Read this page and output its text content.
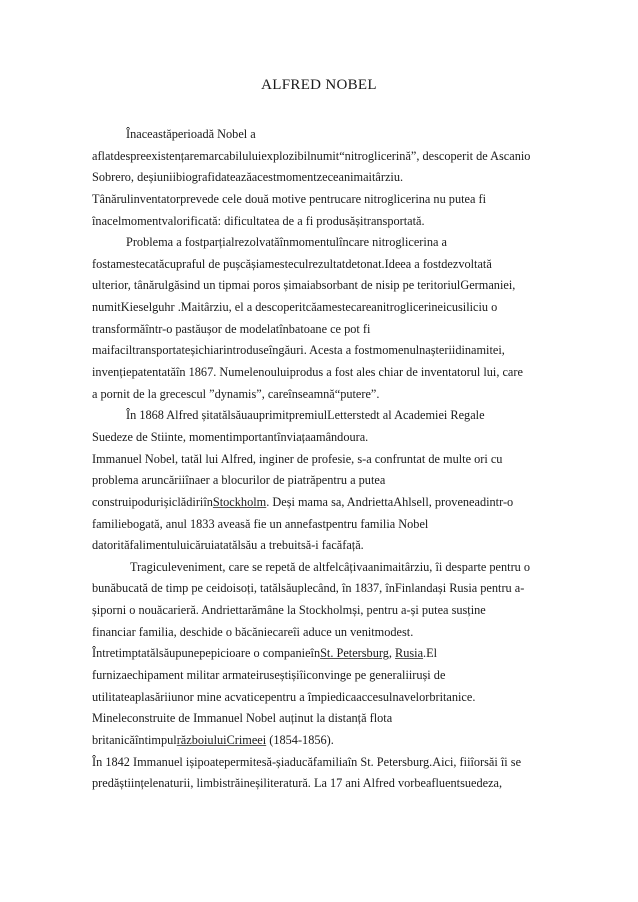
ALFRED NOBEL
Înaceastăperioadă Nobel a
aflatdespreexistențaremarcabiluluiexplozibilnumit“nitroglicerină”, descoperit de Ascanio
Sobrero, deșiuniibiografidateazăacestmomentzeceanimaitârziu.
Tânărulinventatorprevede cele două motive pentrucare nitroglicerina nu putea fi
înacelmomentvalorificată: dificultatea de a fi produsășitransportată.
Problema a fostparțialrezolvatăînmomentulîncare nitroglicerina a
fostamestecatăcupraful de pușcășiamesteculrezultatdetonat.Ideea a fostdezvoltată
ulterior, tânărulgăsind un tipmai poros șimaiabsorbant de nisip pe teritoriulGermaniei,
numitKieselguhr .Maitârziu, el a descoperitcăamestecareanitroglicerineicusiliciu o
transformăîntr-o pastăușor de modelatînbatoane ce pot fi
maifaciltransportateșichiarintroduseîngăuri. Acesta a fostmomenulnașteriidinamitei,
invențiepatentatăîn 1867. Numelenouluiprodus a fost ales chiar de inventatorul lui, care
a pornit de la grecescul ”dynamis”, careînseamnă“putere”.
În 1868 Alfred șitatălsăuauprimitpremiulLetterstedt al Academiei Regale
Suedeze de Stiinte, momentimportantînviațaamândoura.
Immanuel Nobel, tatăl lui Alfred, inginer de profesie, s-a confruntat de multe ori cu
problema aruncăriiînaer a blocurilor de piatrăpentru a putea
construipodurișiclădiriînStockholm. Deși mama sa, AndriettaAhlsell, proveneadintr-o
familiebogată, anul 1833 aveasă fie un annefastpentru familia Nobel
datorităfalimentuluicăruiatatălsău a trebuitsă-i facăfață.
Tragiculeveniment, care se repetă de altfelcâțivaanimaitârziu, îi desparte pentru o
bunăbucată de timp pe ceidoisoți, tatălsăuplecând, în 1837, înFinlandași Rusia pentru a-
șiporni o nouăcarieră. Andriettarămâne la Stockholmși, pentru a-și putea susține
financiar familia, deschide o băcăniecareîi aduce un venitmodest.
Întretimptatălsăupunepepicioare o companieînSt. Petersburg, Rusia.El
furnizaechipament militar armateiruseștișiîiconvinge pe generaliiruși de
utilitateaplasăriiunor mine acvaticepentru a împiedicaaccesulnavelorbritanice.
Mineleconstruite de Immanuel Nobel auținut la distanță flota
britanicăîntimpulrăzboiuluiCrimeei (1854-1856).
În 1842 Immanuel ișipoatepermitesă-șiaducăfamiliaîn St. Petersburg.Aici, fiiîorsăi îi se
predăștiințelenaturii, limbistrăineșiliteratură. La 17 ani Alfred vorbeafluentsuedeza,
